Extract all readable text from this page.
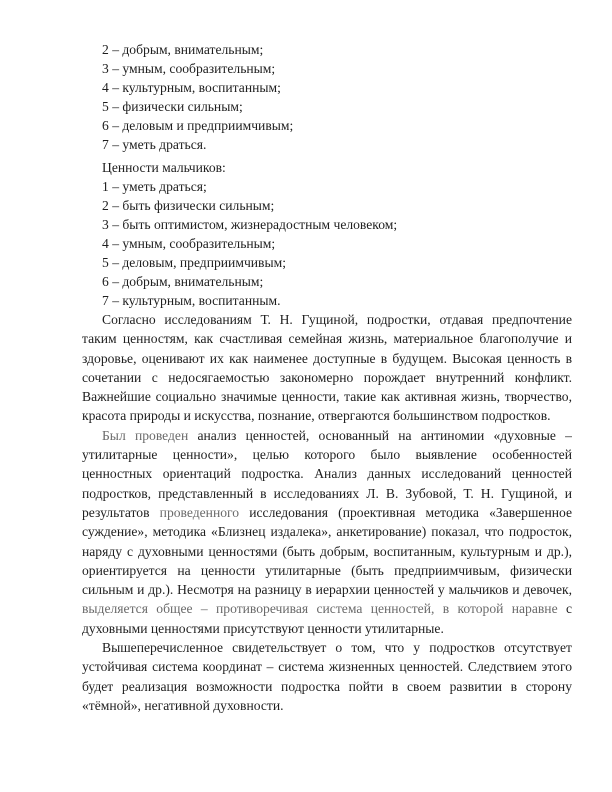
2 – добрым, внимательным;
3 – умным, сообразительным;
4 – культурным, воспитанным;
5 – физически сильным;
6 – деловым и предприимчивым;
7 – уметь драться.

Ценности мальчиков:

1 – уметь драться;
2 – быть физически сильным;
3 – быть оптимистом, жизнерадостным человеком;
4 – умным, сообразительным;
5 – деловым, предприимчивым;
6 – добрым, внимательным;
7 – культурным, воспитанным.

Согласно исследованиям Т. Н. Гущиной, подростки, отдавая предпочтение таким ценностям, как счастливая семейная жизнь, материальное благополучие и здоровье, оценивают их как наименее доступные в будущем. Высокая ценность в сочетании с недосягаемостью закономерно порождает внутренний конфликт. Важнейшие социально значимые ценности, такие как активная жизнь, творчество, красота природы и искусства, познание, отвергаются большинством подростков.

Был проведен анализ ценностей, основанный на антиномии «духовные – утилитарные ценности», целью которого было выявление особенностей ценностных ориентаций подростка. Анализ данных исследований ценностей подростков, представленный в исследованиях Л. В. Зубовой, Т. Н. Гущиной, и результатов проведенного исследования (проективная методика «Завершенное суждение», методика «Близнец издалека», анкетирование) показал, что подросток, наряду с духовными ценностями (быть добрым, воспитанным, культурным и др.), ориентируется на ценности утилитарные (быть предприимчивым, физически сильным и др.). Несмотря на разницу в иерархии ценностей у мальчиков и девочек, выделяется общее – противоречивая система ценностей, в которой наравне с духовными ценностями присутствуют ценности утилитарные.

Вышеперечисленное свидетельствует о том, что у подростков отсутствует устойчивая система координат – система жизненных ценностей. Следствием этого будет реализация возможности подростка пойти в своем развитии в сторону «тёмной», негативной духовности.
